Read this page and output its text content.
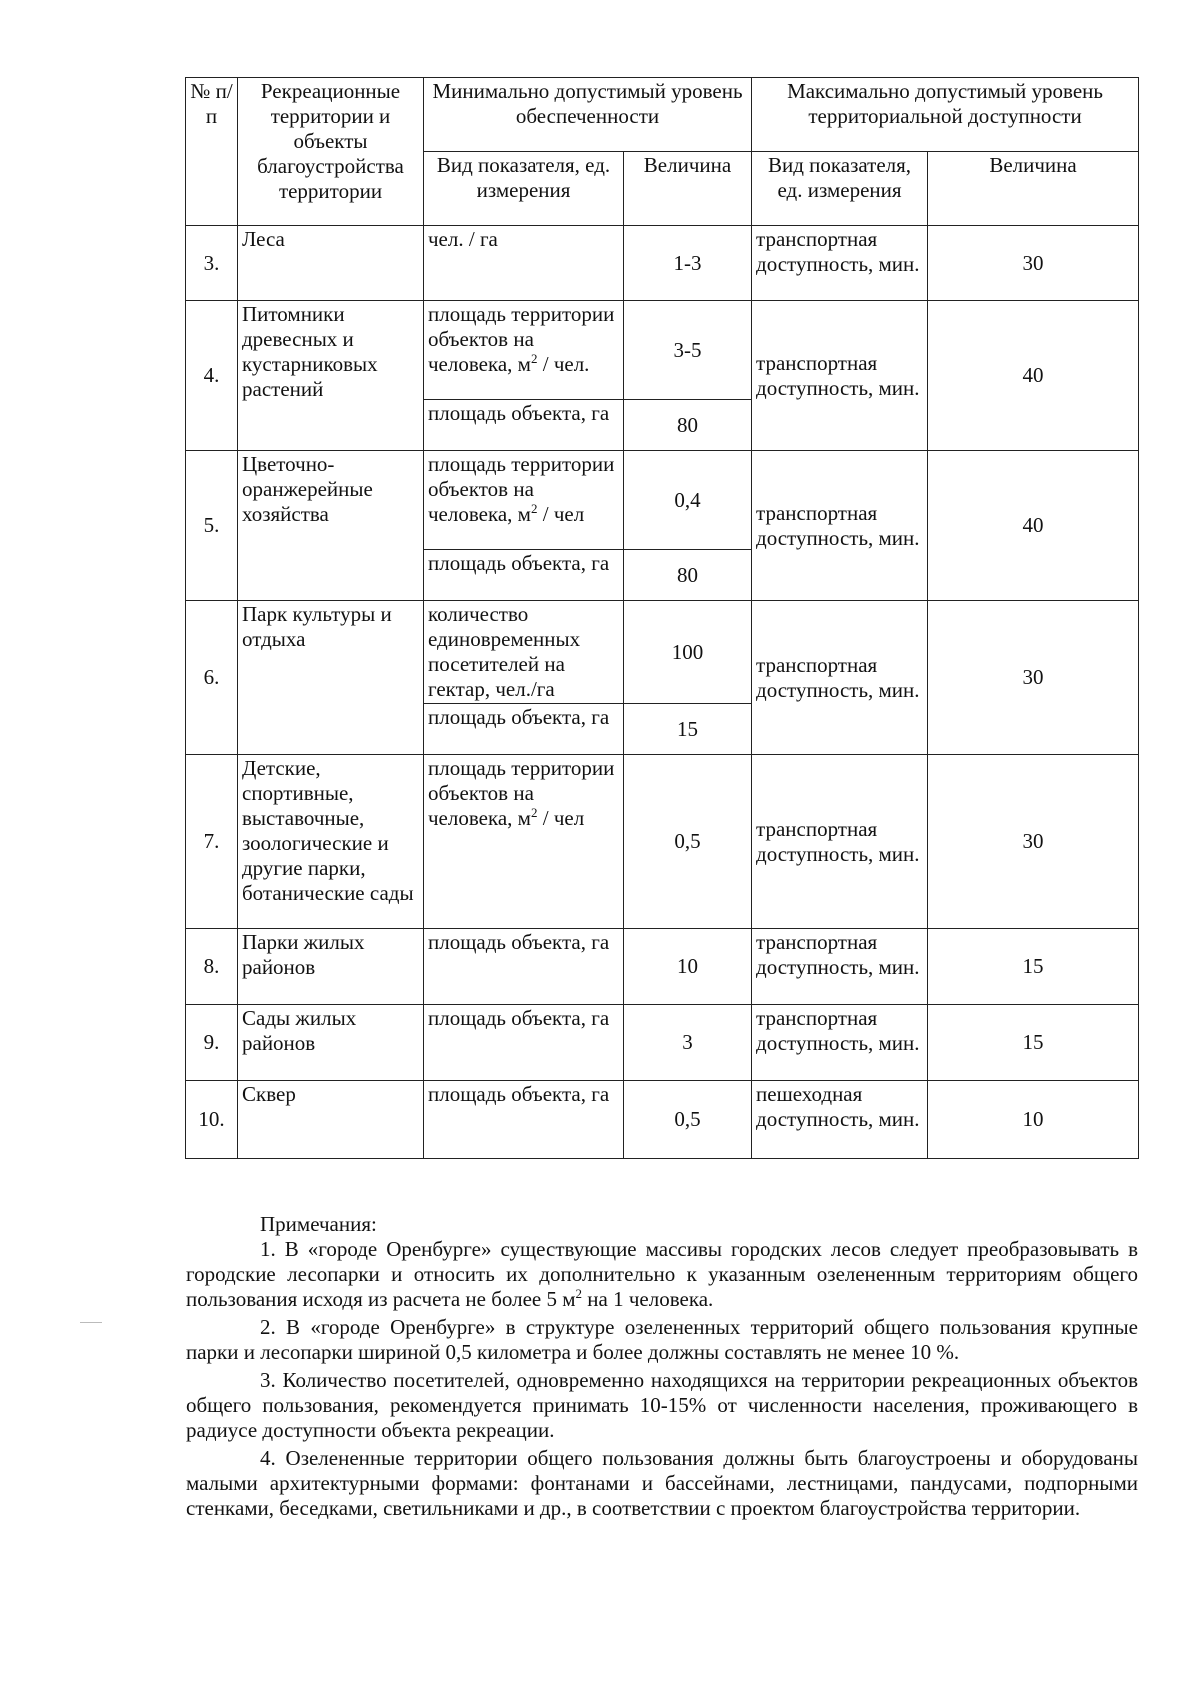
№ п/п	Рекреационные территории и объекты благоустройства территории	Минимально допустимый уровень обеспеченности		Максимально допустимый уровень территориальной доступности	
		Вид показателя, ед. измерения	Величина	Вид показателя, ед. измерения	Величина
3.	Леса	чел. / га	1-3	транспортная доступность, мин.	30
4.	Питомники древесных и кустарниковых растений	площадь территории объектов на человека, $м^2$ / чел.	3-5	транспортная доступность, мин.	40
		площадь объекта, га	80		
5.	Цветочно-оранжерейные хозяйства	площадь территории объектов на человека, $м^2$ / чел	0,4	транспортная доступность, мин.	40
		площадь объекта, га	80		
6.	Парк культуры и отдыха	количество единовременных посетителей на гектар, чел./га	100	транспортная доступность, мин.	30
		площадь объекта, га	15		
7.	Детские, спортивные, выставочные, зоологические и другие парки, ботанические сады	площадь территории объектов на человека, $м^2$ / чел	0,5	транспортная доступность, мин.	30
8.	Парки жилых районов	площадь объекта, га	10	транспортная доступность, мин.	15
9.	Сады жилых районов	площадь объекта, га	3	транспортная доступность, мин.	15
10.	Сквер	площадь объекта, га	0,5	пешеходная доступность, мин.	10

Примечания:

1. В «городе Оренбурге» существующие массивы городских лесов следует преобразовывать в городские лесопарки и относить их дополнительно к указанным озелененным территориям общего пользования исходя из расчета не более 5 $м^2$ на 1 человека.

2. В «городе Оренбурге» в структуре озелененных территорий общего пользования крупные парки и лесопарки шириной 0,5 километра и более должны составлять не менее 10 %.

3. Количество посетителей, одновременно находящихся на территории рекреационных объектов общего пользования, рекомендуется принимать 10-15% от численности населения, проживающего в радиусе доступности объекта рекреации.

4. Озелененные территории общего пользования должны быть благоустроены и оборудованы малыми архитектурными формами: фонтанами и бассейнами, лестницами, пандусами, подпорными стенками, беседками, светильниками и др., в соответствии с проектом благоустройства территории.
